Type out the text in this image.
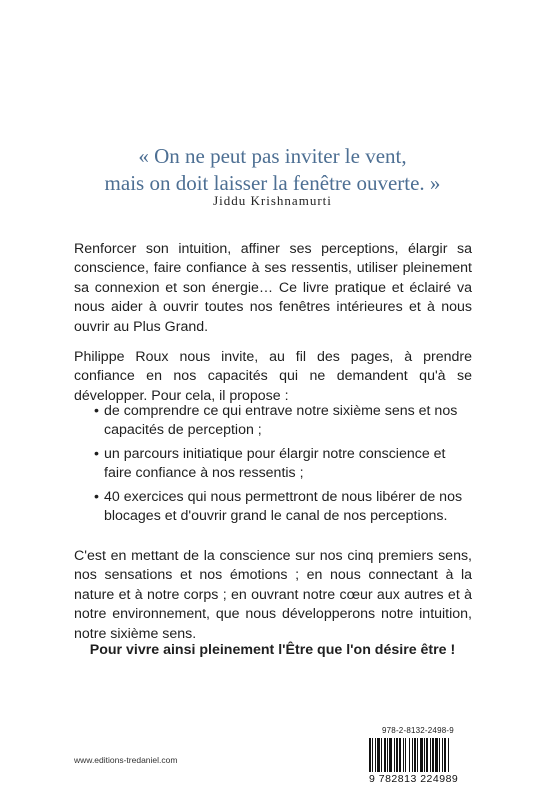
« On ne peut pas inviter le vent,
mais on doit laisser la fenêtre ouverte. »
Jiddu Krishnamurti

Renforcer son intuition, affiner ses perceptions, élargir sa conscience, faire confiance à ses ressentis, utiliser pleinement sa connexion et son énergie… Ce livre pratique et éclairé va nous aider à ouvrir toutes nos fenêtres intérieures et à nous ouvrir au Plus Grand.

Philippe Roux nous invite, au fil des pages, à prendre confiance en nos capacités qui ne demandent qu'à se développer. Pour cela, il propose :

• de comprendre ce qui entrave notre sixième sens et nos capacités de perception ;
• un parcours initiatique pour élargir notre conscience et faire confiance à nos ressentis ;
• 40 exercices qui nous permettront de nous libérer de nos blocages et d'ouvrir grand le canal de nos perceptions.

C'est en mettant de la conscience sur nos cinq premiers sens, nos sensations et nos émotions ; en nous connectant à la nature et à notre corps ; en ouvrant notre cœur aux autres et à notre environnement, que nous développerons notre intuition, notre sixième sens.

Pour vivre ainsi pleinement l'Être que l'on désire être !
978-2-8132-2498-9
9 782813 224989
www.editions-tredaniel.com
